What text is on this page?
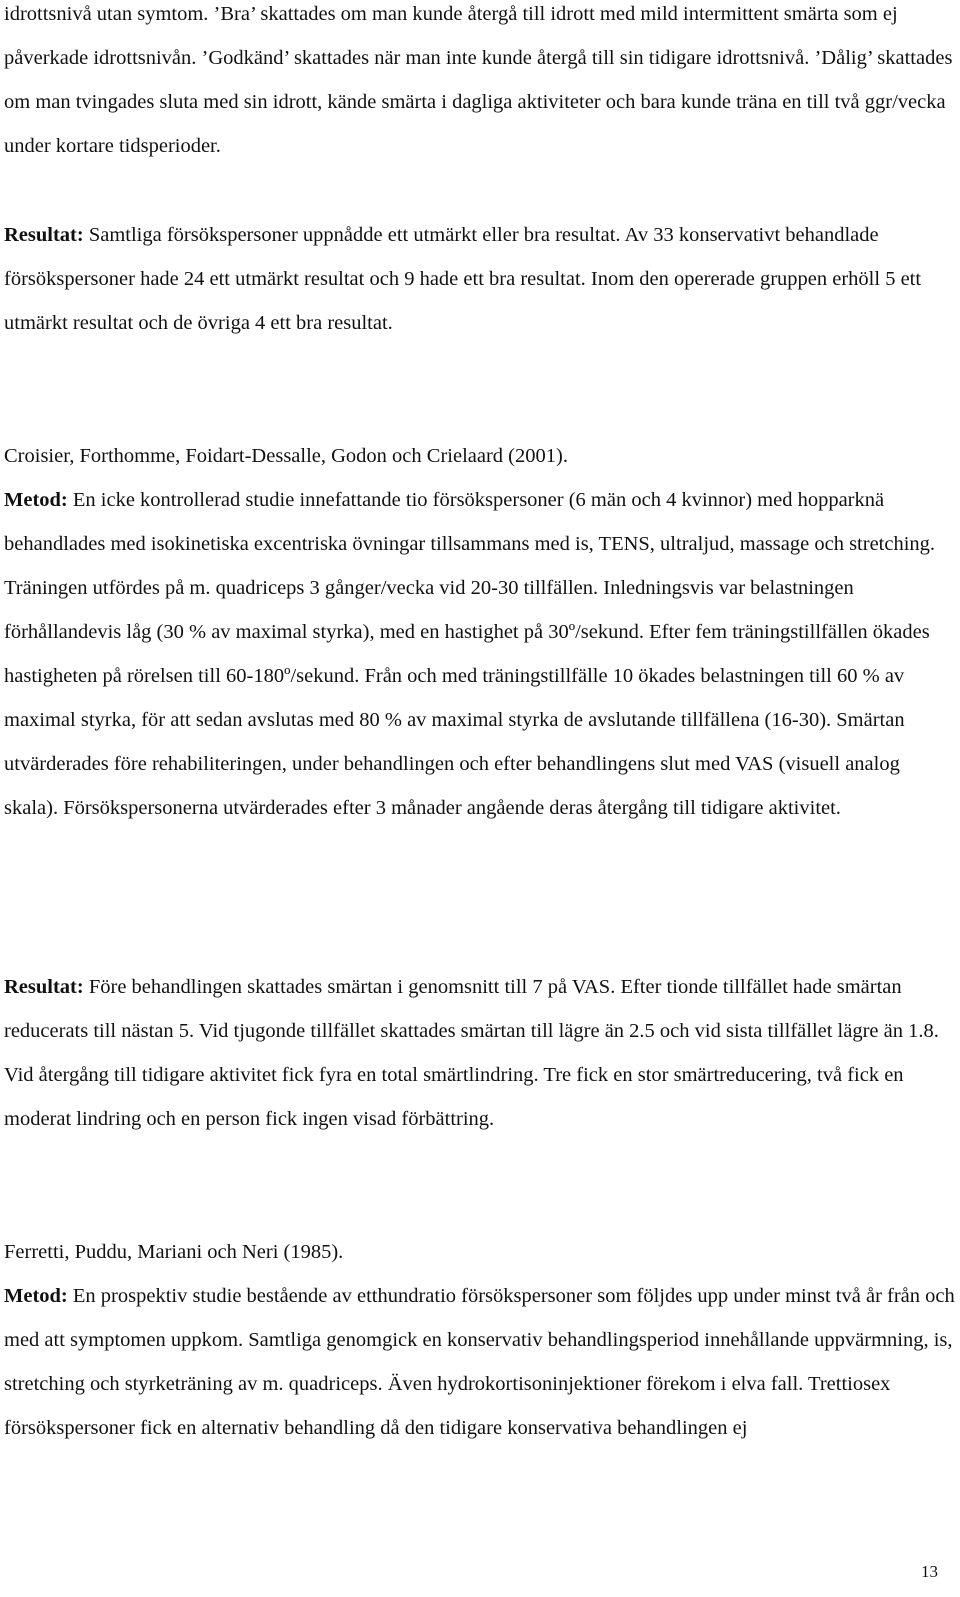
idrottsnivå utan symtom. ’Bra’ skattades om man kunde återgå till idrott med mild intermittent smärta som ej påverkade idrottsnivån. ’Godkänd’ skattades när man inte kunde återgå till sin tidigare idrottsnivå. ’Dålig’ skattades om man tvingades sluta med sin idrott, kände smärta i dagliga aktiviteter och bara kunde träna en till två ggr/vecka under kortare tidsperioder.

Resultat: Samtliga försökspersoner uppnådde ett utmärkt eller bra resultat. Av 33 konservativt behandlade försökspersoner hade 24 ett utmärkt resultat och 9 hade ett bra resultat. Inom den opererade gruppen erhöll 5 ett utmärkt resultat och de övriga 4 ett bra resultat.

Croisier, Forthomme, Foidart-Dessalle, Godon och Crielaard (2001).

Metod: En icke kontrollerad studie innefattande tio försökspersoner (6 män och 4 kvinnor) med hopparknä behandlades med isokinetiska excentriska övningar tillsammans med is, TENS, ultraljud, massage och stretching. Träningen utfördes på m. quadriceps 3 gånger/vecka vid 20-30 tillfällen. Inledningsvis var belastningen förhållandevis låg (30 % av maximal styrka), med en hastighet på 30º/sekund. Efter fem träningstillfällen ökades hastigheten på rörelsen till 60-180º/sekund. Från och med träningstillfälle 10 ökades belastningen till 60 % av maximal styrka, för att sedan avslutas med 80 % av maximal styrka de avslutande tillfällena (16-30). Smärtan utvärderades före rehabiliteringen, under behandlingen och efter behandlingens slut med VAS (visuell analog skala). Försökspersonerna utvärderades efter 3 månader angående deras återgång till tidigare aktivitet.

Resultat: Före behandlingen skattades smärtan i genomsnitt till 7 på VAS. Efter tionde tillfället hade smärtan reducerats till nästan 5. Vid tjugonde tillfället skattades smärtan till lägre än 2.5 och vid sista tillfället lägre än 1.8. Vid återgång till tidigare aktivitet fick fyra en total smärtlindring. Tre fick en stor smärtreducering, två fick en moderat lindring och en person fick ingen visad förbättring.

Ferretti, Puddu, Mariani och Neri (1985).

Metod: En prospektiv studie bestående av etthundratio försökspersoner som följdes upp under minst två år från och med att symptomen uppkom. Samtliga genomgick en konservativ behandlingsperiod innehållande uppvärmning, is, stretching och styrketräning av m. quadriceps. Även hydrokortisoninjektioner förekom i elva fall. Trettiosex försökspersoner fick en alternativ behandling då den tidigare konservativa behandlingen ej

13
